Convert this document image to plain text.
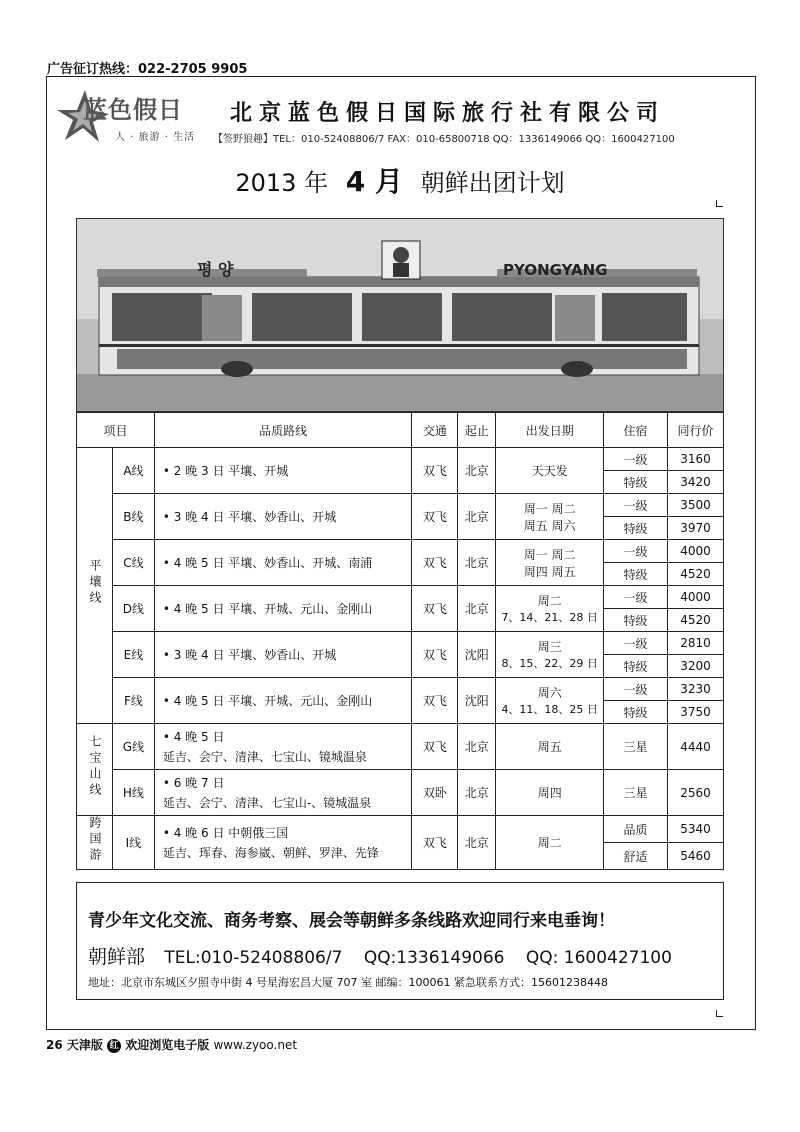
广告征订热线：022-2705 9905
蓝色假日
人 · 旅游 · 生活
北京蓝色假日国际旅行社有限公司
【签野狼趣】TEL：010-52408806/7 FAX：010-65800718 QQ：1336149066 QQ：1600427100
2013 年 4 月 朝鲜出团计划
평 양	PYONGYANG
项目		品质路线	交通	起止	出发日期	住宿	同行价
平壤线	A线	• 2 晚 3 日 平壤、开城	双飞	北京	天天发	一级	3160
						特级	3420
	B线	• 3 晚 4 日 平壤、妙香山、开城	双飞	北京	周一 周二
周五 周六	一级	3500
						特级	3970
	C线	• 4 晚 5 日 平壤、妙香山、开城、南浦	双飞	北京	周一 周二
周四 周五	一级	4000
						特级	4520
	D线	• 4 晚 5 日 平壤、开城、元山、金刚山	双飞	北京	周二
7、14、21、28 日	一级	4000
						特级	4520
	E线	• 3 晚 4 日 平壤、妙香山、开城	双飞	沈阳	周三
8、15、22、29 日	一级	2810
						特级	3200
	F线	• 4 晚 5 日 平壤、开城、元山、金刚山	双飞	沈阳	周六
4、11、18、25 日	一级	3230
						特级	3750
七宝山线	G线	• 4 晚 5 日
延吉、会宁、清津、七宝山、镜城温泉	双飞	北京	周五	三星	4440
	H线	• 6 晚 7 日
延吉、会宁、清津、七宝山-、镜城温泉	双卧	北京	周四	三星	2560
跨国游	I线	• 4 晚 6 日 中朝俄三国
延吉、珲春、海参崴、朝鲜、罗津、先锋	双飞	北京	周二	品质	5340
						舒适	5460
青少年文化交流、商务考察、展会等朝鲜多条线路欢迎同行来电垂询！
朝鲜部 TEL:010-52408806/7 QQ:1336149066 QQ: 1600427100
地址：北京市东城区夕照寺中街 4 号星海宏昌大厦 707 室 邮编：100061 紧急联系方式：15601238448
26 天津版 红 欢迎浏览电子版 www.zyoo.net
